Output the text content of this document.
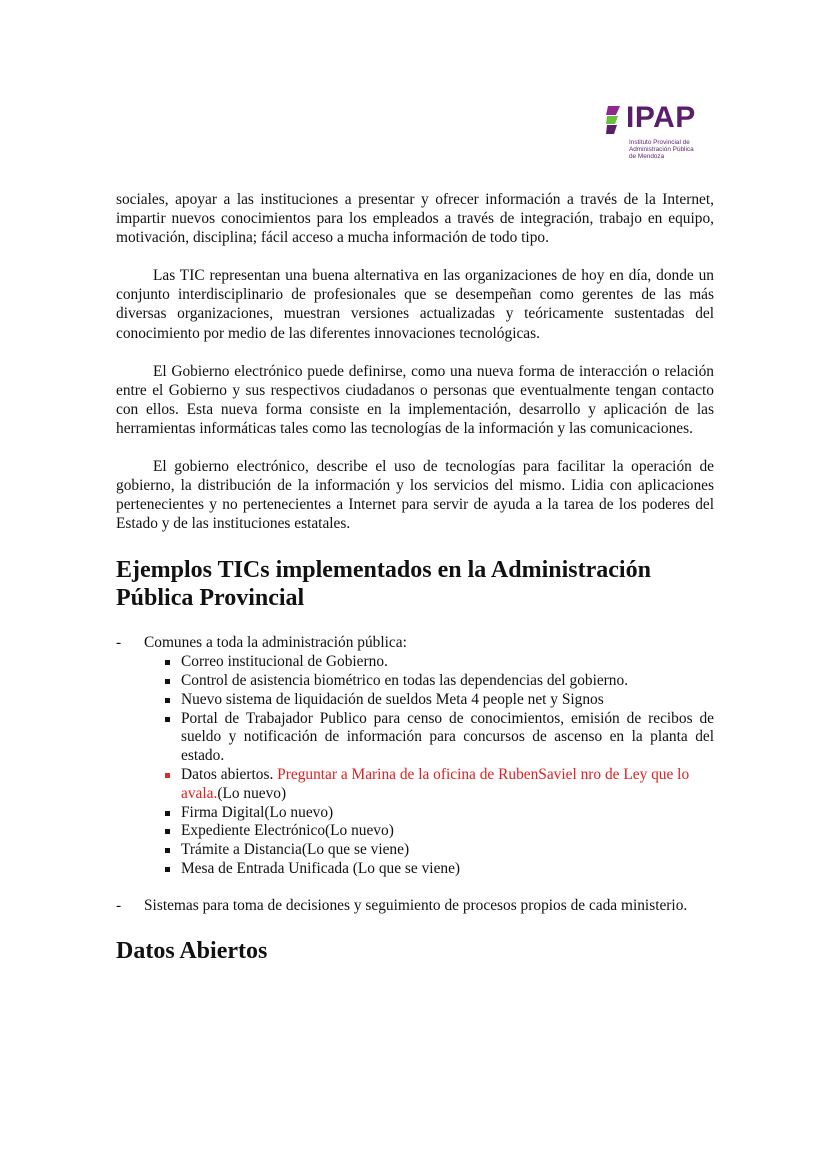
IPAP
Instituto Provincial de
Administración Pública
de Mendoza

sociales, apoyar a las instituciones a presentar y ofrecer información a través de la Internet, impartir nuevos conocimientos para los empleados a través de integración, trabajo en equipo, motivación, disciplina; fácil acceso a mucha información de todo tipo.

Las TIC representan una buena alternativa en las organizaciones de hoy en día, donde un conjunto interdisciplinario de profesionales que se desempeñan como gerentes de las más diversas organizaciones, muestran versiones actualizadas y teóricamente sustentadas del conocimiento por medio de las diferentes innovaciones tecnológicas.

El Gobierno electrónico puede definirse, como una nueva forma de interacción o relación entre el Gobierno y sus respectivos ciudadanos o personas que eventualmente tengan contacto con ellos. Esta nueva forma consiste en la implementación, desarrollo y aplicación de las herramientas informáticas tales como las tecnologías de la información y las comunicaciones.

El gobierno electrónico, describe el uso de tecnologías para facilitar la operación de gobierno, la distribución de la información y los servicios del mismo. Lidia con aplicaciones pertenecientes y no pertenecientes a Internet para servir de ayuda a la tarea de los poderes del Estado y de las instituciones estatales.

Ejemplos TICs implementados en la Administración
Pública Provincial
- Comunes a toda la administración pública:
Correo institucional de Gobierno.
Control de asistencia biométrico en todas las dependencias del gobierno.
Nuevo sistema de liquidación de sueldos Meta 4 people net y Signos
Portal de Trabajador Publico para censo de conocimientos, emisión de recibos de sueldo y notificación de información para concursos de ascenso en la planta del estado.
Datos abiertos. Preguntar a Marina de la oficina de RubenSaviel nro de Ley que lo avala.(Lo nuevo)
Firma Digital(Lo nuevo)
Expediente Electrónico(Lo nuevo)
Trámite a Distancia(Lo que se viene)
Mesa de Entrada Unificada (Lo que se viene)
- Sistemas para toma de decisiones y seguimiento de procesos propios de cada ministerio.
Datos Abiertos
